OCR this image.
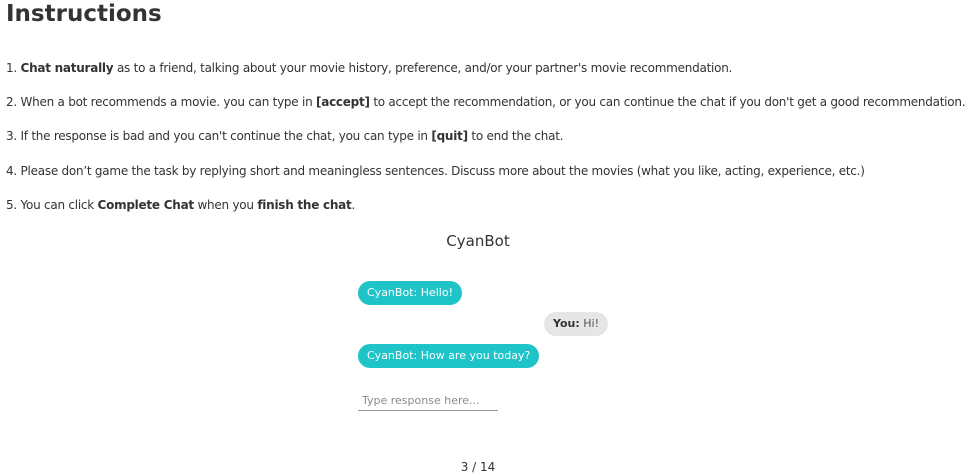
Instructions

1. Chat naturally as to a friend, talking about your movie history, preference, and/or your partner's movie recommendation.

2. When a bot recommends a movie. you can type in [accept] to accept the recommendation, or you can continue the chat if you don't get a good recommendation.

3. If the response is bad and you can't continue the chat, you can type in [quit] to end the chat.

4. Please don’t game the task by replying short and meaningless sentences. Discuss more about the movies (what you like, acting, experience, etc.)

5. You can click Complete Chat when you finish the chat.

CyanBot
CyanBot: Hello!
You: Hi!
CyanBot: How are you today?
Type response here...
3 / 14
